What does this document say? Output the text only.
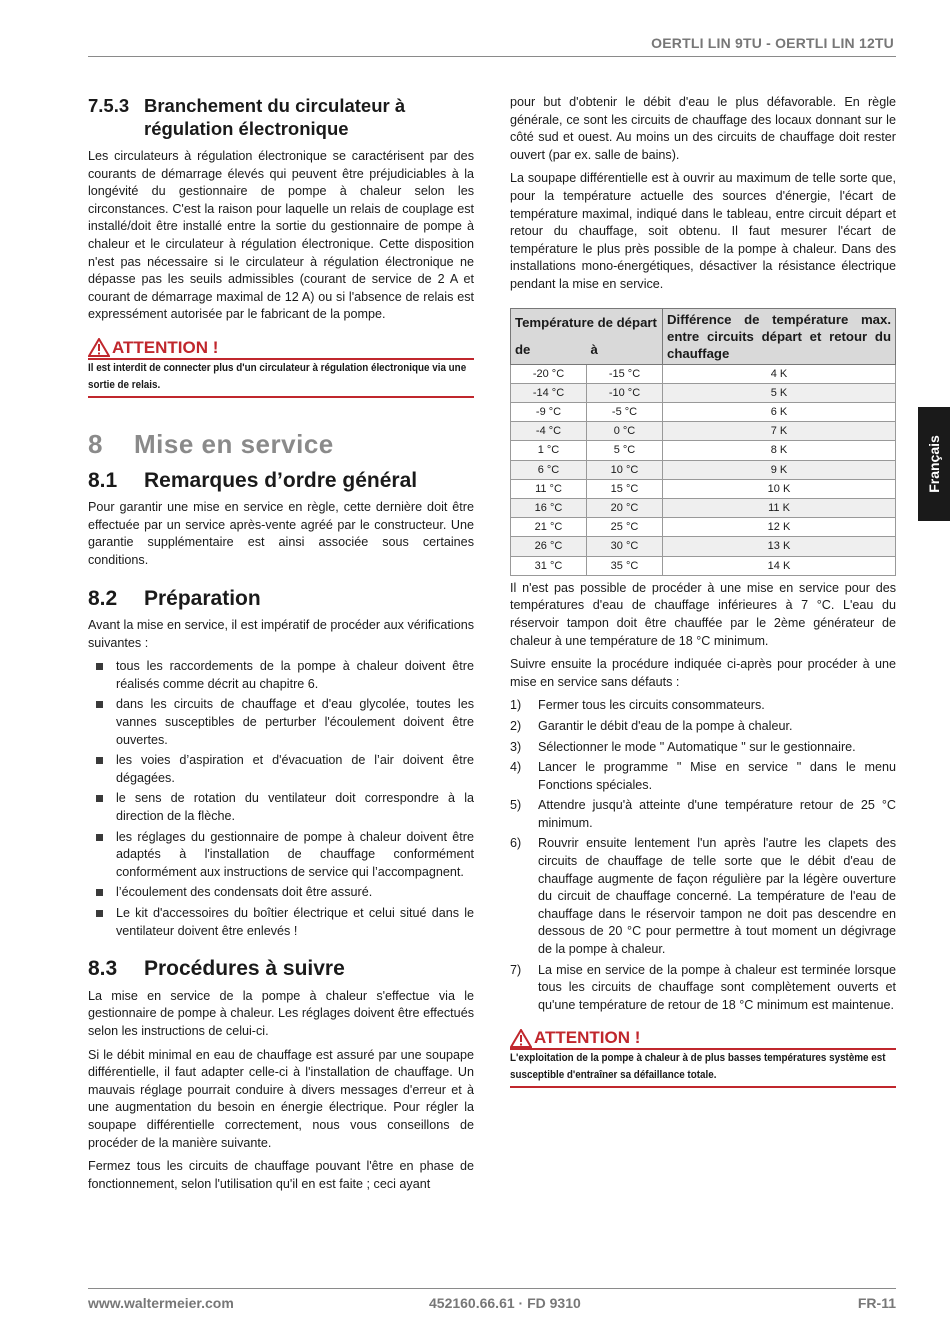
OERTLI LIN 9TU - OERTLI LIN 12TU
Français
7.5.3 Branchement du circulateur à
régulation électronique

Les circulateurs à régulation électronique se caractérisent par des courants de démarrage élevés qui peuvent être préjudiciables à la longévité du gestionnaire de pompe à chaleur selon les circonstances. C'est la raison pour laquelle un relais de couplage est installé/doit être installé entre la sortie du gestionnaire de pompe à chaleur et le circulateur à régulation électronique. Cette disposition n'est pas nécessaire si le circulateur à régulation électronique ne dépasse pas les seuils admissibles (courant de service de 2 A et courant de démarrage maximal de 12 A) ou si l'absence de relais est expressément autorisée par le fabricant de la pompe.

ATTENTION !
Il est interdit de connecter plus d'un circulateur à régulation électronique via une sortie de relais.
8 Mise en service
8.1 Remarques d’ordre général

Pour garantir une mise en service en règle, cette dernière doit être effectuée par un service après-vente agréé par le constructeur. Une garantie supplémentaire est ainsi associée sous certaines conditions.

8.2 Préparation

Avant la mise en service, il est impératif de procéder aux vérifications suivantes :

tous les raccordements de la pompe à chaleur doivent être réalisés comme décrit au chapitre 6.
dans les circuits de chauffage et d'eau glycolée, toutes les vannes susceptibles de perturber l'écoulement doivent être ouvertes.
les voies d’aspiration et d'évacuation de l’air doivent être dégagées.
le sens de rotation du ventilateur doit correspondre à la direction de la flèche.
les réglages du gestionnaire de pompe à chaleur doivent être adaptés à l'installation de chauffage conformément conformément aux instructions de service qui l’accompagnent.
l’écoulement des condensats doit être assuré.
Le kit d'accessoires du boîtier électrique et celui situé dans le ventilateur doivent être enlevés !
8.3 Procédures à suivre

La mise en service de la pompe à chaleur s'effectue via le gestionnaire de pompe à chaleur. Les réglages doivent être effectués selon les instructions de celui-ci.

Si le débit minimal en eau de chauffage est assuré par une soupape différentielle, il faut adapter celle-ci à l'installation de chauffage. Un mauvais réglage pourrait conduire à divers messages d'erreur et à une augmentation du besoin en énergie électrique. Pour régler la soupape différentielle correctement, nous vous conseillons de procéder de la manière suivante.

Fermez tous les circuits de chauffage pouvant l'être en phase de fonctionnement, selon l'utilisation qu'il en est faite ; ceci ayant

pour but d'obtenir le débit d'eau le plus défavorable. En règle générale, ce sont les circuits de chauffage des locaux donnant sur le côté sud et ouest. Au moins un des circuits de chauffage doit rester ouvert (par ex. salle de bains).

La soupape différentielle est à ouvrir au maximum de telle sorte que, pour la température actuelle des sources d'énergie, l'écart de température maximal, indiqué dans le tableau, entre circuit départ et retour du chauffage, soit obtenu. Il faut mesurer l'écart de température le plus près possible de la pompe à chaleur. Dans des installations mono-énergétiques, désactiver la résistance électrique pendant la mise en service.

Température de départ		Différence de température max. entre circuits départ et retour du chauffage
de	à	
-20 °C	-15 °C	4 K
-14 °C	-10 °C	5 K
-9 °C	-5 °C	6 K
-4 °C	0 °C	7 K
1 °C	5 °C	8 K
6 °C	10 °C	9 K
11 °C	15 °C	10 K
16 °C	20 °C	11 K
21 °C	25 °C	12 K
26 °C	30 °C	13 K
31 °C	35 °C	14 K

Il n'est pas possible de procéder à une mise en service pour des températures d'eau de chauffage inférieures à 7 °C. L'eau du réservoir tampon doit être chauffée par le 2ème générateur de chaleur à une température de 18 °C minimum.

Suivre ensuite la procédure indiquée ci-après pour procéder à une mise en service sans défauts :

1) Fermer tous les circuits consommateurs.
2) Garantir le débit d'eau de la pompe à chaleur.
3) Sélectionner le mode " Automatique " sur le gestionnaire.
4) Lancer le programme " Mise en service " dans le menu Fonctions spéciales.
5) Attendre jusqu'à atteinte d'une température retour de 25 °C minimum.
6) Rouvrir ensuite lentement l'un après l'autre les clapets des circuits de chauffage de telle sorte que le débit d'eau de chauffage augmente de façon régulière par la légère ouverture du circuit de chauffage concerné. La température de l'eau de chauffage dans le réservoir tampon ne doit pas descendre en dessous de 20 °C pour permettre à tout moment un dégivrage de la pompe à chaleur.
7) La mise en service de la pompe à chaleur est terminée lorsque tous les circuits de chauffage sont complètement ouverts et qu'une température de retour de 18 °C minimum est maintenue.
ATTENTION !
L'exploitation de la pompe à chaleur à de plus basses températures système est susceptible d'entraîner sa défaillance totale.
www.waltermeier.com	452160.66.61 · FD 9310	FR-11
